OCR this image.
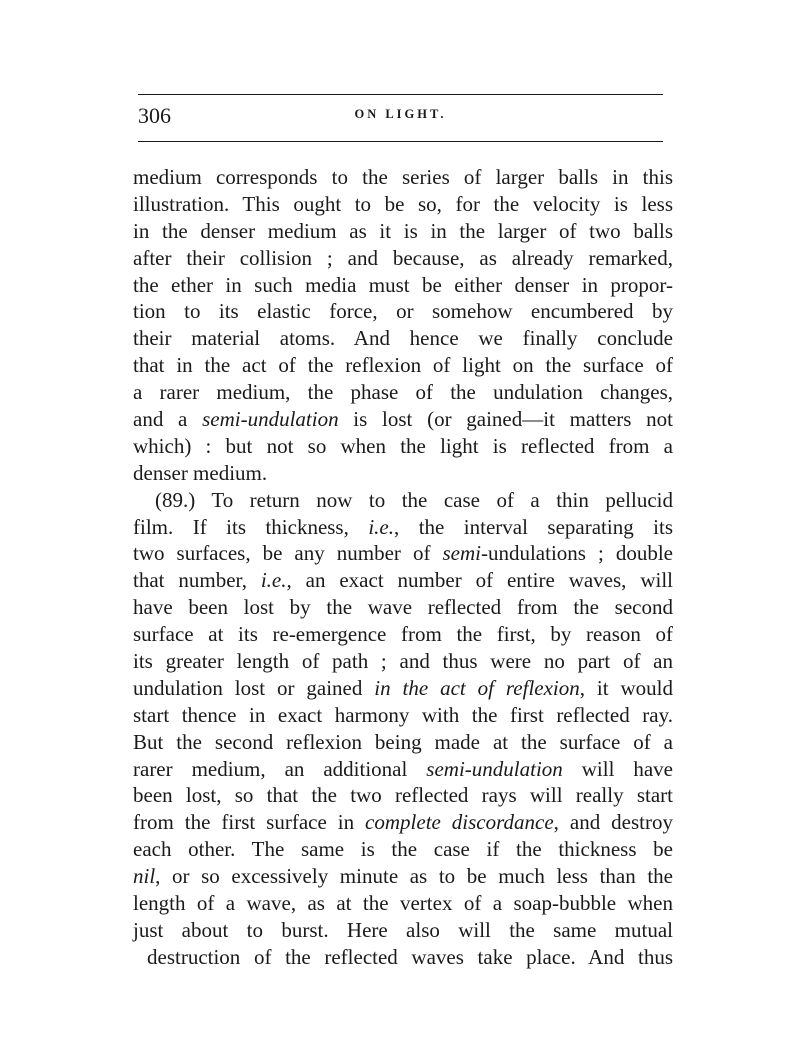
306	ON LIGHT.
medium corresponds to the series of larger balls in this
illustration. This ought to be so, for the velocity is less
in the denser medium as it is in the larger of two balls
after their collision ; and because, as already remarked,
the ether in such media must be either denser in propor-
tion to its elastic force, or somehow encumbered by
their material atoms. And hence we finally conclude
that in the act of the reflexion of light on the surface of
a rarer medium, the phase of the undulation changes,
and a semi-undulation is lost (or gained—it matters not
which) : but not so when the light is reflected from a
denser medium.
(89.) To return now to the case of a thin pellucid
film. If its thickness, i.e., the interval separating its
two surfaces, be any number of semi-undulations ; double
that number, i.e., an exact number of entire waves, will
have been lost by the wave reflected from the second
surface at its re-emergence from the first, by reason of
its greater length of path ; and thus were no part of an
undulation lost or gained in the act of reflexion, it would
start thence in exact harmony with the first reflected ray.
But the second reflexion being made at the surface of a
rarer medium, an additional semi-undulation will have
been lost, so that the two reflected rays will really start
from the first surface in complete discordance, and destroy
each other. The same is the case if the thickness be
nil, or so excessively minute as to be much less than the
length of a wave, as at the vertex of a soap-bubble when
just about to burst. Here also will the same mutual
destruction of the reflected waves take place. And thus
